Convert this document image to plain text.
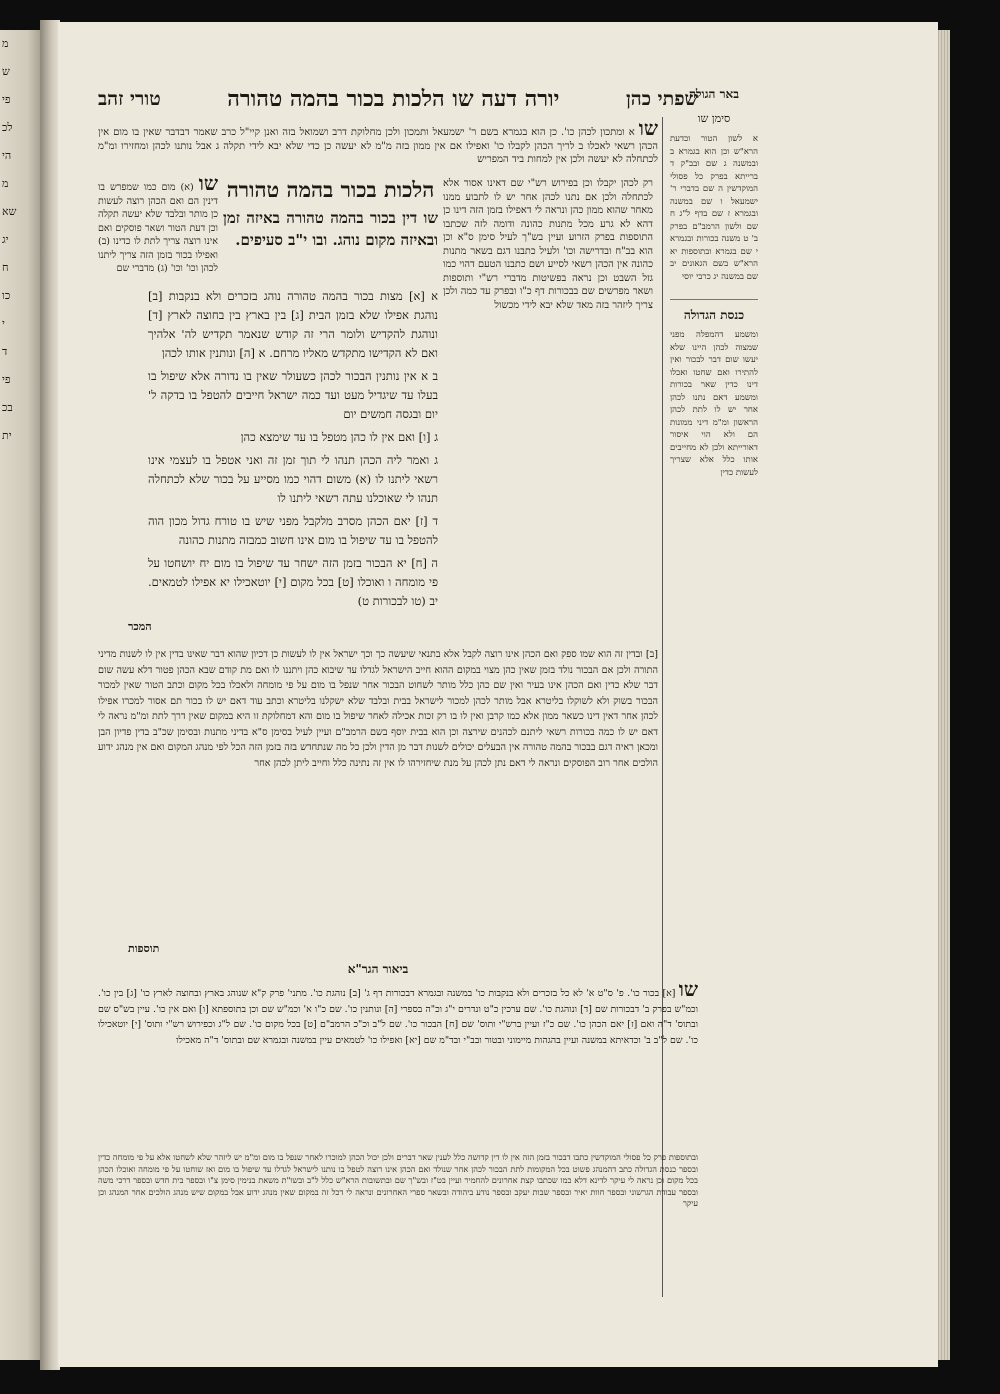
מ
ש
פי
לכ
הי
מ
שא
יג
ח
כו
י
ד
פי
בכ
ית
שפתי כהן
יורה דעה שו הלכות בכור בהמה טהורה
טורי זהב	באר הגולה
סימן שו
א לשון הטור וכדעת הרא"ש וכן הוא בגמרא ב ובמשנה ג שם ובב"ק ד ברייתא בפרק כל פסולי המוקדשין ה שם בדברי ר' ישמעאל ו שם במשנה ובגמרא ז שם בדף ל"ג ח שם ולשון הרמב"ם בפרק ב' ט משנה בכורות ובגמרא י שם בגמרא ובתוספות יא הרא"ש בשם הגאונים יב שם במשנה יג כרבי יוסי
כנסת הגדולה
ומשמע דהמפלה מפני שמצוה לכהן היינו שלא יעשו שום דבר לבכור ואין להתירו ואם שחטו ואכלו דינו כדין שאר בכורות ומשמע דאם נתנו לכהן אחר יש לו לתת לכהן הראשון ומ"מ דיני ממונות הם ולא הוי איסור דאורייתא ולכן לא מחייבים אותו כלל אלא שצריך לעשות כדין
שו א ומתכון לכהן כו'. כן הוא בגמרא בשם ר' ישמעאל ותמכון ולכן מחלוקת דרב ושמואל בזה ואנן קיי"ל כרב שאמר דבדבר שאין בו מום אין הכהן רשאי לאכלו ב לריך הכהן לקבלו כו' ואפילו אם אין ממון בזה מ"מ לא יעשה כן כדי שלא יבא לידי תקלה ג אבל נותנו לכהן ומחזירו ומ"מ לכתחלה לא יעשה ולכן אין למחות ביד המפריש
שו (א) מום כמו שמפרש בו דינין הם ואם הכהן רוצה לעשות כן מותר ובלבד שלא יעשה תקלה וכן דעת הטור ושאר פוסקים ואם אינו רוצה צריך לתת לו כדינו (ב) ואפילו בכור בזמן הזה צריך ליתנו לכהן וכו' וכו' (ג) מדברי שם
רק לכהן יקבלו וכן בפירוש רש"י שם דאינו אסור אלא לכתחלה ולכן אם נתנו לכהן אחר יש לו לתבוע ממנו מאחר שהוא ממון כהן ונראה לי דאפילו בזמן הזה דינו כן דהא לא גרע מכל מתנות כהונה ודומה לזה שכתבו התוספות בפרק הזרוע ועיין בש"ך לעיל סימן ס"א וכן הוא בב"ח ובדרישה וכו' ולעיל כתבנו דגם בשאר מתנות כהונה אין הכהן רשאי לסייע ושם כתבנו הטעם דהוי כמו גזל השבט וכן נראה בפשיטות מדברי רש"י ותוספות ושאר מפרשים שם בבכורות דף כ"ו ובפרק עד כמה ולכן צריך ליזהר בזה מאד שלא יבא לידי מכשול
הלכות בכור בהמה טהורה
שו דין בכור בהמה טהורה באיזה זמן ובאיזה מקום נוהג. ובו י"ב סעיפים.

א [א] מצות בכור בהמה טהורה נוהג בזכרים ולא בנקבות [ב] נוהגת אפילו שלא בזמן הבית [ג] בין בארץ בין בחוצה לארץ [ד] ונוהגת להקדיש ולומר הרי זה קודש שנאמר תקדיש לה' אלהיך ואם לא הקדישו מתקדש מאליו מרחם. א [ה] ונותנין אותו לכהן

ב א אין נותנין הבכור לכהן כשעולר שאין בו נדורה אלא שיפול בו בעלו עד שיגדיל מעט ועד כמה ישראל חייבים להטפל בו בדקה ל' יום ובגסה חמשים יום

ג [ו] ואם אין לו כהן מטפל בו עד שימצא כהן

ג ואמר ליה הכהן תנהו לי תוך זמן זה ואני אטפל בו לעצמי אינו רשאי ליתנו לו (א) משום דהוי כמו מסייע על בכור שלא לכתחלה תנהו לי שאוכלנו עתה רשאי ליתנו לו

ד [ז] יאם הכהן מסרב מלקבל מפני שיש בו טורח גדול מכון הוה להטפל בו עד שיפול בו מום אינו חשוב כמבזה מתנות כהונה

ה [ח] יא הבכור בזמן הזה ישחר עד שיפול בו מום יח יושחטו על פי מומחה ו ואוכלו [ט] בכל מקום [י] יוטאכילו יא אפילו לטמאים. יב (טו לבכורות ט)

המכר
[ב] ובדין זה הוא שמו ספק ואם הכהן אינו רוצה לקבל אלא בתנאי שיעשה כך וכך ישראל אין לו לעשות כן דכיון שהוא דבר שאינו בדין אין לו לשנות מדיני התורה ולכן אם הבכור נולד בזמן שאין כהן מצוי במקום ההוא חייב הישראל לגדלו עד שיבוא כהן ויתננו לו ואם מת קודם שבא הכהן פטור דלא עשה שום דבר שלא כדין ואם הכהן אינו בעיר ואין שם כהן כלל מותר לשחוט הבכור אחר שנפל בו מום על פי מומחה ולאכלו בכל מקום וכתב הטור שאין למכור הבכור בשוק ולא לשוקלו בליטרא אבל מותר לכהן למכור לישראל בבית ובלבד שלא ישקלנו בליטרא וכתב עוד דאם יש לו בכור תם אסור למכרו אפילו לכהן אחר דאין דינו כשאר ממון אלא כמו קרבן ואין לו בו רק זכות אכילה לאחר שיפול בו מום והא דמחלוקת זו היא במקום שאין דרך לתת ומ"מ נראה לי דאם יש לו כמה בכורות רשאי ליתנם לכהנים שירצה וכן הוא בבית יוסף בשם הרמב"ם ועיין לעיל בסימן ס"א בדיני מתנות ובסימן שכ"ב בדין פדיון הבן ומכאן ראיה דגם בבכור בהמה טהורה אין הבעלים יכולים לשנות דבר מן הדין ולכן כל מה שנתחדש בזה בזמן הזה הכל לפי מנהג המקום ואם אין מנהג ידוע הולכים אחר רוב הפוסקים ונראה לי דאם נתן לכהן על מנת שיחזירהו לו אין זה נתינה כלל וחייב ליתן לכהן אחר
תוספות
ביאור הגר"א
שו [א] בכור כו'. פ' ס"ט א' לא כל בזכרים ולא בנקבות כו' במשנה ובגמרא דבכורות דף ג' [ב] נוהגת כו'. מתני' פרק ק"א שנוהג בארץ ובחוצה לארץ כו' [ג] בין כו'. וכמ"ש בפרק ב' דבכורות שם [ד] ונוהגת כו'. שם ערכין כ"ט ונדרים י"ג וכ"ה בספרי [ה] ונותנין כו'. שם כ"ו א' וכמ"ש שם וכן בתוספתא [ו] ואם אין כו'. עיין בש"ס שם ובתוס' ד"ה ואם [ז] יאם הכהן כו'. שם כ"ז ועיין ברש"י ותוס' שם [ח] הבכור כו'. שם ל"ב וכ"כ הרמב"ם [ט] בכל מקום כו'. שם ל"ג וכפירוש רש"י ותוס' [י] יוטאכילו כו'. שם ל"ב ב' וכדאיתא במשנה ועיין בהגהות מיימוני ובטור ובב"י ובד"מ שם [יא] ואפילו כו' לטמאים עיין במשנה ובגמרא שם ובתוס' ד"ה מאכילו
ובתוספות פרק כל פסולי המוקדשין כתבו דבכור בזמן הזה אין לו דין קדושה כלל לענין שאר דברים ולכן יכול הכהן למוכרו לאחר שנפל בו מום ומ"מ יש ליזהר שלא לשחטו אלא על פי מומחה כדין ובספר כנסת הגדולה כתב דהמנהג פשוט בכל המקומות לתת הבכור לכהן אחר שנולד ואם הכהן אינו רוצה לטפל בו נותנו לישראל לגדלו עד שיפול בו מום ואז שוחטו על פי מומחה ואוכלו הכהן בכל מקום וכן נראה לי עיקר לדינא דלא כמו שכתבו קצת אחרונים להחמיר ועיין בט"ז ובש"ך שם ובתשובות הרא"ש כלל ל"ב ובשו"ת משאת בנימין סימן צ"ו ובספר בית חדש ובספר דרכי משה ובספר עבודת הגרשוני ובספר חוות יאיר ובספר שבות יעקב ובספר נודע ביהודה ובשאר ספרי האחרונים ונראה לי דכל זה במקום שאין מנהג ידוע אבל במקום שיש מנהג הולכים אחר המנהג וכן עיקר
